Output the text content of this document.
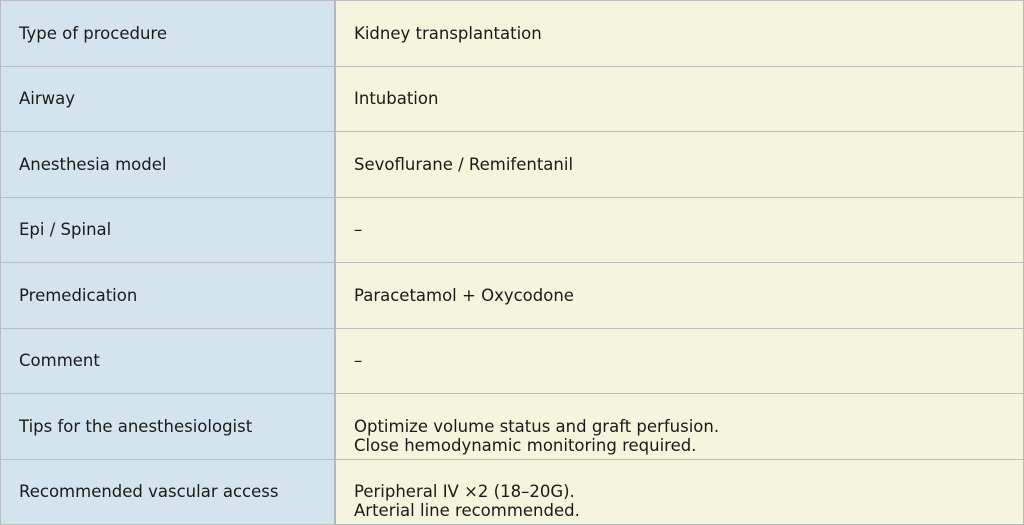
Type of procedure	Kidney transplantation

Airway	Intubation

Anesthesia model	Sevoflurane / Remifentanil

Epi / Spinal	–

Premedication	Paracetamol + Oxycodone

Comment	–

Tips for the anesthesiologist	Optimize volume status and graft perfusion.
Close hemodynamic monitoring required.

Recommended vascular access	Peripheral IV ×2 (18–20G).
Arterial line recommended.
